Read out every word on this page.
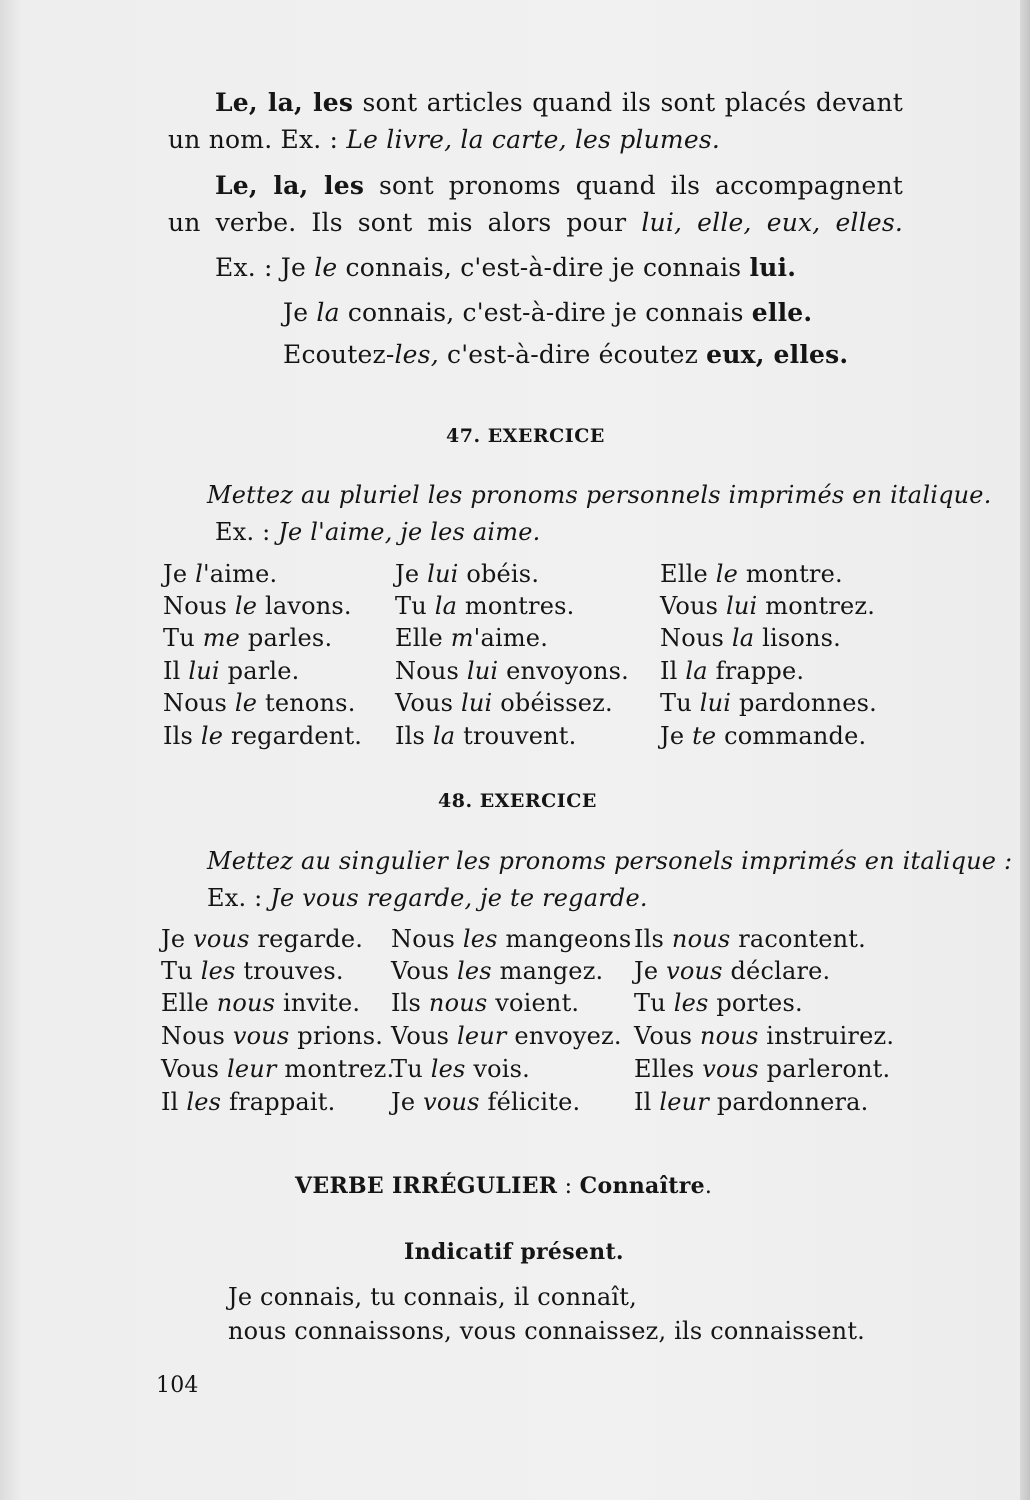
Le, la, les sont articles quand ils sont placés devant
un nom. Ex. : Le livre, la carte, les plumes.
Le, la, les sont pronoms quand ils accompagnent
un verbe. Ils sont mis alors pour lui, elle, eux, elles.
Ex. : Je le connais, c'est-à-dire je connais lui.
Je la connais, c'est-à-dire je connais elle.
Ecoutez-les, c'est-à-dire écoutez eux, elles.
47. EXERCICE
Mettez au pluriel les pronoms personnels imprimés en italique.
Ex. : Je l'aime, je les aime.
Je l'aime.
Nous le lavons.
Tu me parles.
Il lui parle.
Nous le tenons.
Ils le regardent.
Je lui obéis.
Tu la montres.
Elle m'aime.
Nous lui envoyons.
Vous lui obéissez.
Ils la trouvent.
Elle le montre.
Vous lui montrez.
Nous la lisons.
Il la frappe.
Tu lui pardonnes.
Je te commande.
48. EXERCICE
Mettez au singulier les pronoms personels imprimés en italique :
Ex. : Je vous regarde, je te regarde.
Je vous regarde.
Tu les trouves.
Elle nous invite.
Nous vous prions.
Vous leur montrez.
Il les frappait.
Nous les mangeons
Vous les mangez.
Ils nous voient.
Vous leur envoyez.
Tu les vois.
Je vous félicite.
Ils nous racontent.
Je vous déclare.
Tu les portes.
Vous nous instruirez.
Elles vous parleront.
Il leur pardonnera.
VERBE IRRÉGULIER : Connaître.
Indicatif présent.
Je connais, tu connais, il connaît,
nous connaissons, vous connaissez, ils connaissent.
104
